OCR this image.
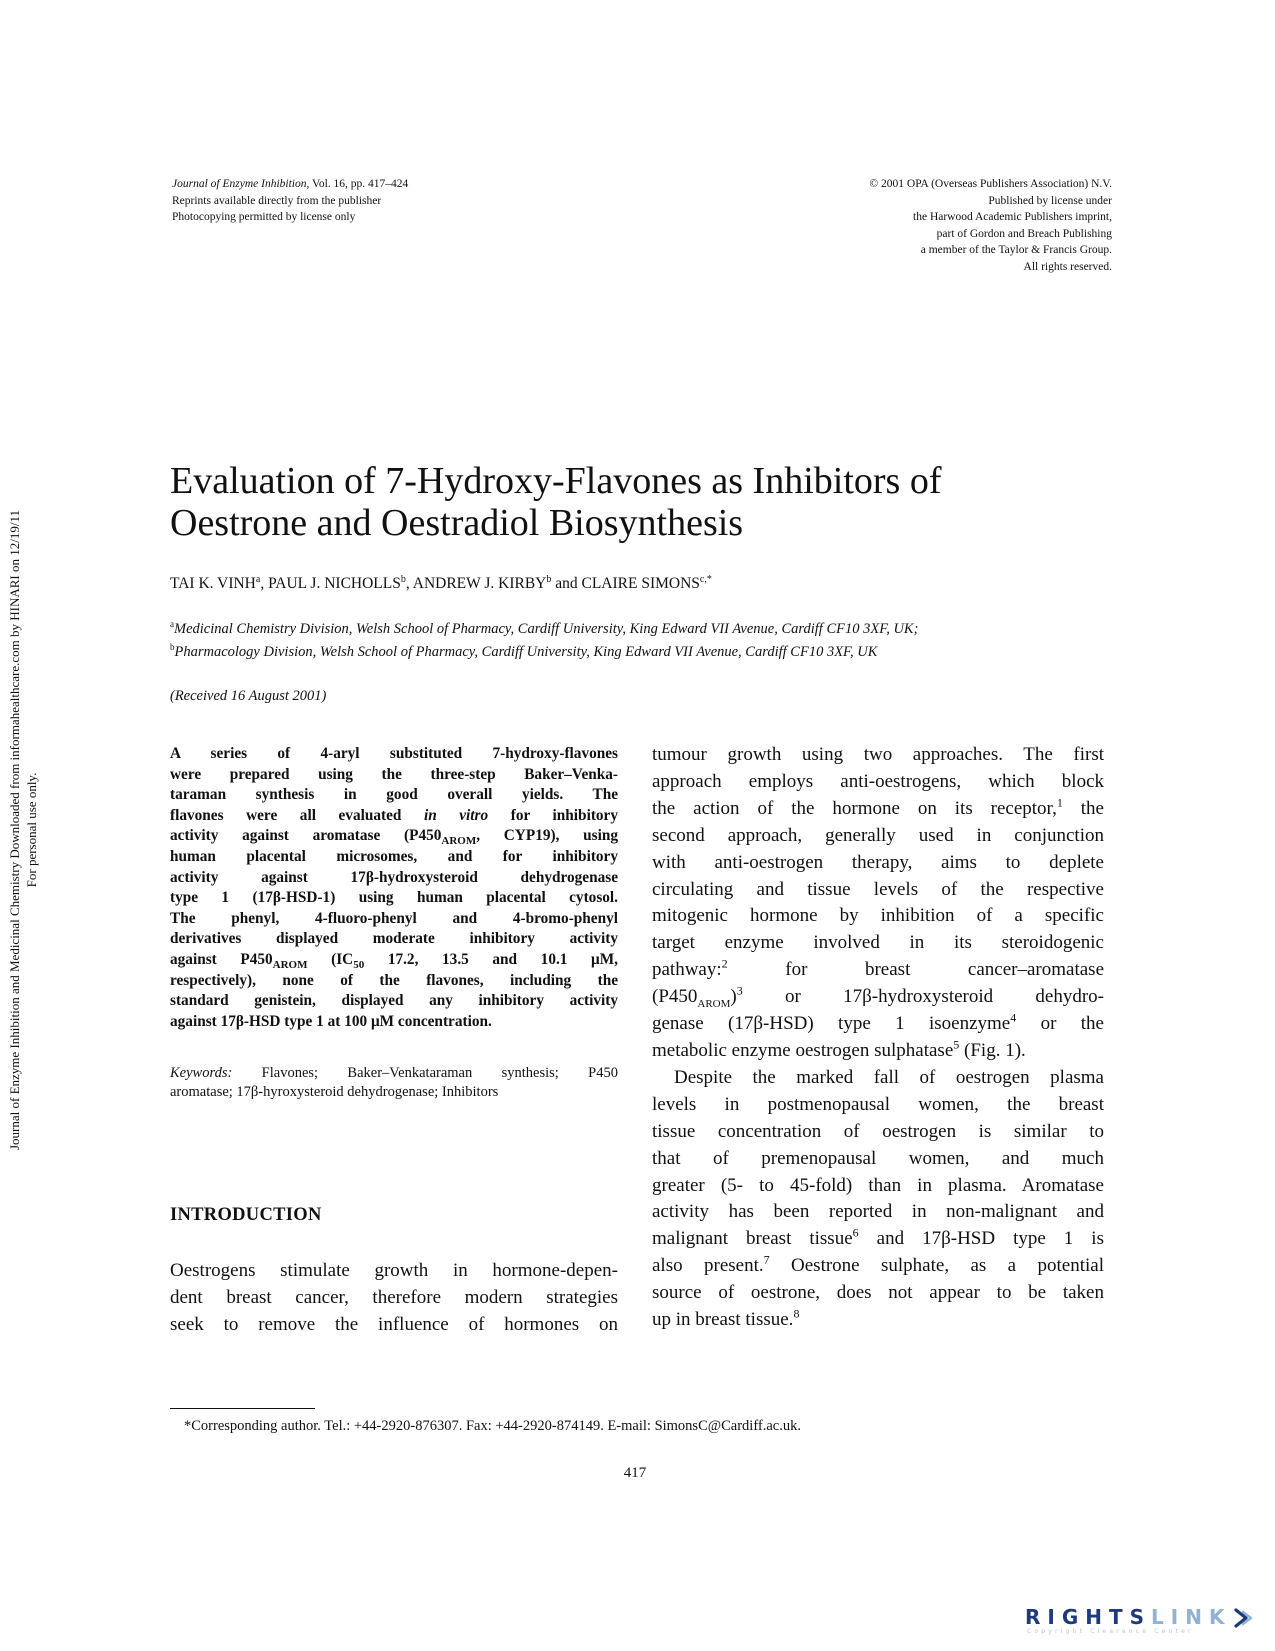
Journal of Enzyme Inhibition, Vol. 16, pp. 417–424
Reprints available directly from the publisher
Photocopying permitted by license only
© 2001 OPA (Overseas Publishers Association) N.V.
Published by license under
the Harwood Academic Publishers imprint,
part of Gordon and Breach Publishing
a member of the Taylor & Francis Group.
All rights reserved.
Journal of Enzyme Inhibition and Medicinal Chemistry Downloaded from informahealthcare.com by HINARI on 12/19/11 For personal use only.
Evaluation of 7-Hydroxy-Flavones as Inhibitors of
Oestrone and Oestradiol Biosynthesis
TAI K. VINH$^a$, PAUL J. NICHOLLS$^b$, ANDREW J. KIRBY$^b$ and CLAIRE $SIMONS^{c,*}$
$^a$Medicinal Chemistry Division, Welsh School of Pharmacy, Cardiff University, King Edward VII Avenue, Cardiff CF10 3XF, UK;
$^b$Pharmacology Division, Welsh School of Pharmacy, Cardiff University, King Edward VII Avenue, Cardiff CF10 3XF, UK
(Received 16 August 2001)
A series of 4-aryl substituted 7-hydroxy-flavones
were prepared using the three-step Baker–Venka-
taraman synthesis in good overall yields. The
flavones were all evaluated in vitro for inhibitory
activity against aromatase ($P450_{AROM}$, CYP19), using
human placental microsomes, and for inhibitory
activity against 17β-hydroxysteroid dehydrogenase
type 1 (17β-HSD-1) using human placental cytosol.
The phenyl, 4-fluoro-phenyl and 4-bromo-phenyl
derivatives displayed moderate inhibitory activity
against $P450_{AROM}$ ($IC_{50}$ 17.2, 13.5 and 10.1 μM,
respectively), none of the flavones, including the
standard genistein, displayed any inhibitory activity
against 17β-HSD type 1 at 100 μM concentration.
Keywords: Flavones; Baker–Venkataraman synthesis; P450
aromatase; 17β-hyroxysteroid dehydrogenase; Inhibitors
INTRODUCTION
Oestrogens stimulate growth in hormone-depen-
dent breast cancer, therefore modern strategies
seek to remove the influence of hormones on
tumour growth using two approaches. The first
approach employs anti-oestrogens, which block
the action of the hormone on its receptor,$^1$ the
second approach, generally used in conjunction
with anti-oestrogen therapy, aims to deplete
circulating and tissue levels of the respective
mitogenic hormone by inhibition of a specific
target enzyme involved in its steroidogenic
pathway:$^2$ for breast cancer–aromatase
$(P450_{AROM})^3$ or 17β-hydroxysteroid dehydro-
genase (17β-HSD) type 1 isoenzyme$^4$ or the
metabolic enzyme oestrogen sulphatase$^5$ (Fig. 1).
Despite the marked fall of oestrogen plasma
levels in postmenopausal women, the breast
tissue concentration of oestrogen is similar to
that of premenopausal women, and much
greater (5- to 45-fold) than in plasma. Aromatase
activity has been reported in non-malignant and
malignant breast tissue$^6$ and 17β-HSD type 1 is
also present.$^7$ Oestrone sulphate, as a potential
source of oestrone, does not appear to be taken
up in breast tissue.$^8$
*Corresponding author. Tel.: +44-2920-876307. Fax: +44-2920-874149. E-mail: SimonsC@Cardiff.ac.uk.
417
RIGHTSLINK
Copyright Clearance Center
